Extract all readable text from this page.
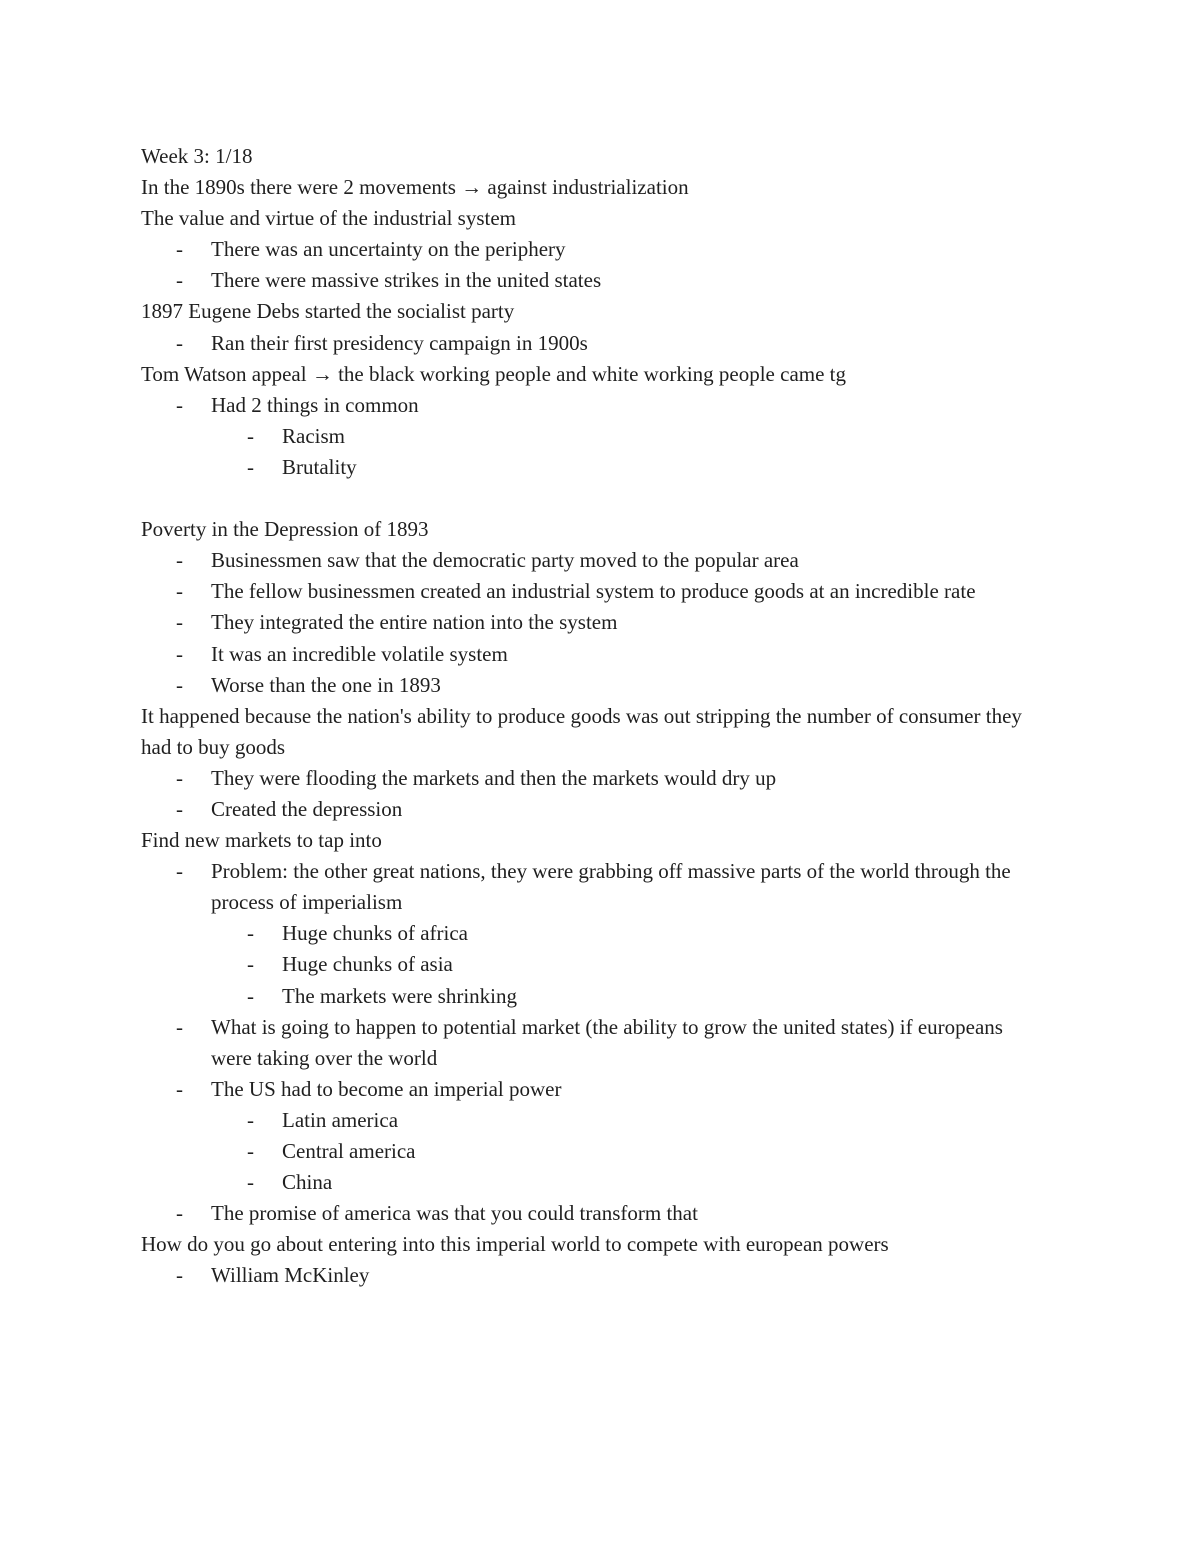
Week 3: 1/18

In the 1890s there were 2 movements → against industrialization

The value and virtue of the industrial system

- There was an uncertainty on the periphery
- There were massive strikes in the united states

1897 Eugene Debs started the socialist party

- Ran their first presidency campaign in 1900s

Tom Watson appeal → the black working people and white working people came tg

- Had 2 things in common
- Racism
- Brutality

Poverty in the Depression of 1893

- Businessmen saw that the democratic party moved to the popular area
- The fellow businessmen created an industrial system to produce goods at an incredible rate
- They integrated the entire nation into the system
- It was an incredible volatile system
- Worse than the one in 1893

It happened because the nation's ability to produce goods was out stripping the number of consumer they had to buy goods

- They were flooding the markets and then the markets would dry up
- Created the depression

Find new markets to tap into

- Problem: the other great nations, they were grabbing off massive parts of the world through the process of imperialism
- Huge chunks of africa
- Huge chunks of asia
- The markets were shrinking
- What is going to happen to potential market (the ability to grow the united states) if europeans were taking over the world
- The US had to become an imperial power
- Latin america
- Central america
- China
- The promise of america was that you could transform that

How do you go about entering into this imperial world to compete with european powers

- William McKinley
